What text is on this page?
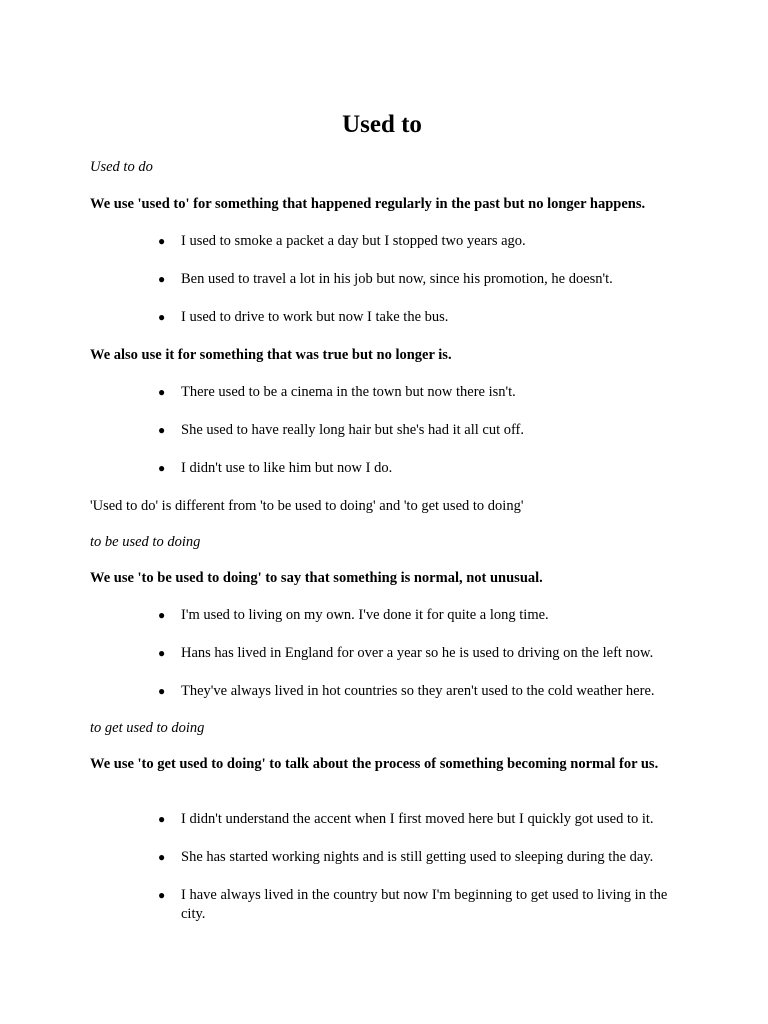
Used to

Used to do

We use 'used to' for something that happened regularly in the past but no longer happens.

● I used to smoke a packet a day but I stopped two years ago.

● Ben used to travel a lot in his job but now, since his promotion, he doesn't.

● I used to drive to work but now I take the bus.

We also use it for something that was true but no longer is.

● There used to be a cinema in the town but now there isn't.

● She used to have really long hair but she's had it all cut off.

● I didn't use to like him but now I do.

'Used to do' is different from 'to be used to doing' and 'to get used to doing'

to be used to doing

We use 'to be used to doing' to say that something is normal, not unusual.

● I'm used to living on my own. I've done it for quite a long time.

● Hans has lived in England for over a year so he is used to driving on the left now.

● They've always lived in hot countries so they aren't used to the cold weather here.

to get used to doing

We use 'to get used to doing' to talk about the process of something becoming normal for us.

● I didn't understand the accent when I first moved here but I quickly got used to it.

● She has started working nights and is still getting used to sleeping during the day.

● I have always lived in the country but now I'm beginning to get used to living in the city.
